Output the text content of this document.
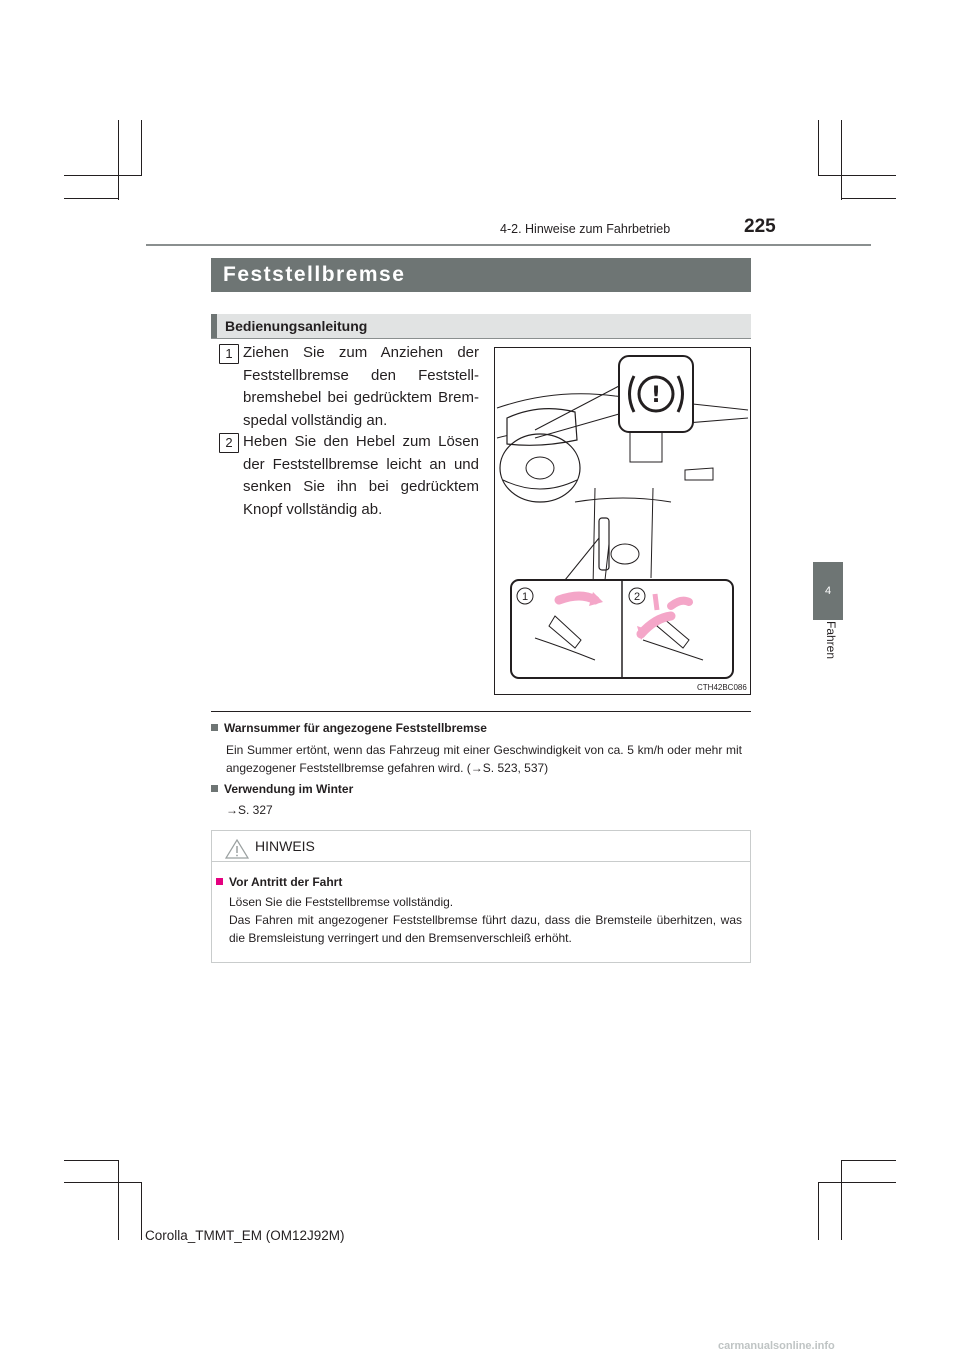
4-2. Hinweise zum Fahrbetrieb	225
4
Fahren
Feststellbremse
Bedienungsanleitung
1 Ziehen Sie zum Anziehen der Feststellbremse den Feststellbremshebel bei gedrücktem Bremspedal vollständig an.
2 Heben Sie den Hebel zum Lösen der Feststellbremse leicht an und senken Sie ihn bei gedrücktem Knopf vollständig ab.
!
1	2
CTH42BC086
Warnsummer für angezogene Feststellbremse
Ein Summer ertönt, wenn das Fahrzeug mit einer Geschwindigkeit von ca. 5 km/h oder mehr mit angezogener Feststellbremse gefahren wird. (→S. 523, 537)
Verwendung im Winter
→S. 327
HINWEIS
Vor Antritt der Fahrt
Lösen Sie die Feststellbremse vollständig.
Das Fahren mit angezogener Feststellbremse führt dazu, dass die Bremsteile überhitzen, was die Bremsleistung verringert und den Bremsenverschleiß erhöht.
Corolla_TMMT_EM (OM12J92M)
carmanualsonline.info
